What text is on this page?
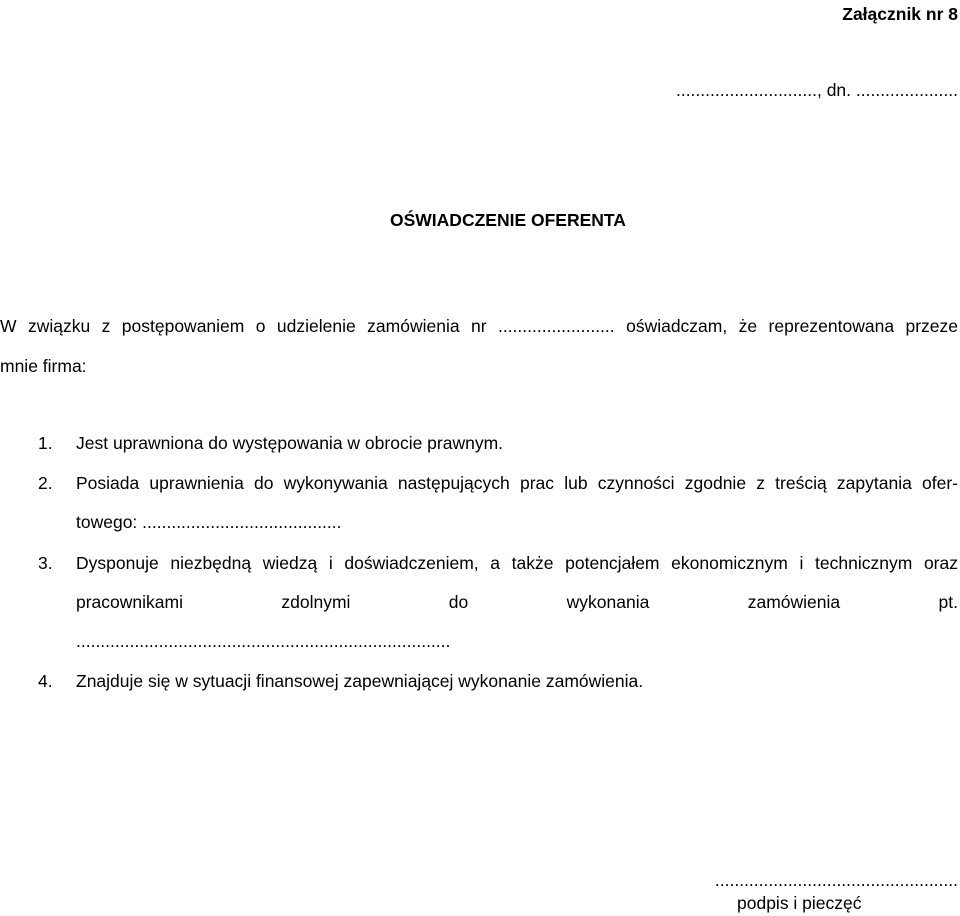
Załącznik nr 8
............................., dn. .....................
OŚWIADCZENIE OFERENTA
W związku z postępowaniem o udzielenie zamówienia nr ........................ oświadczam, że reprezentowana przeze
mnie firma:
1. Jest uprawniona do występowania w obrocie prawnym.
2. Posiada uprawnienia do wykonywania następujących prac lub czynności zgodnie z treścią zapytania ofer-
towego: .........................................
3. Dysponuje niezbędną wiedzą i doświadczeniem, a także potencjałem ekonomicznym i technicznym oraz
pracownikami zdolnymi do wykonania zamówienia pt.
.............................................................................
4. Znajduje się w sytuacji finansowej zapewniającej wykonanie zamówienia.
..................................................
podpis i pieczęć
